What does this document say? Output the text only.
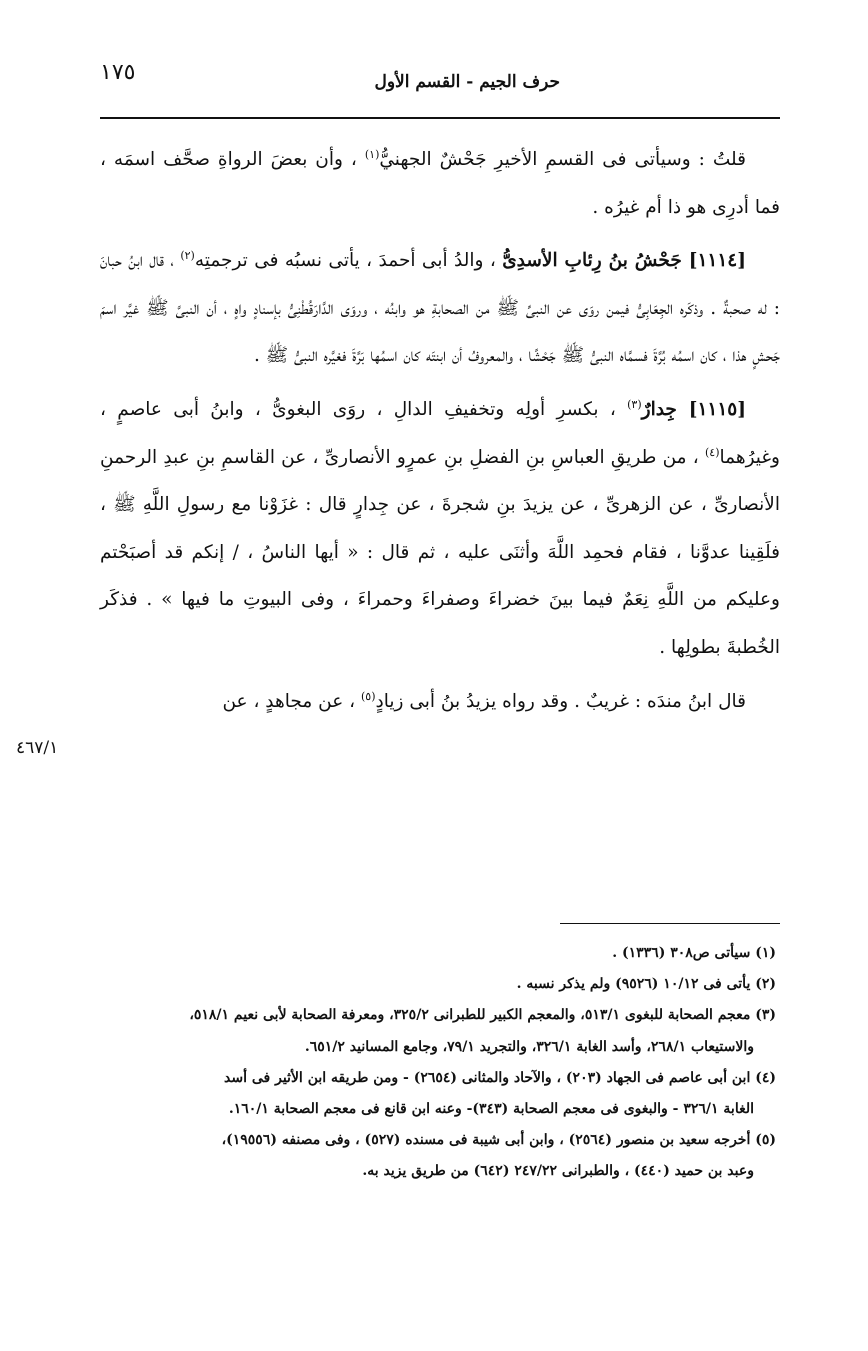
حرف الجيم - القسم الأول
١٧٥
٤٦٧/١

قلتُ : وسيأتى فى القسمِ الأخيرِ جَحْشٌ الجهنيُّ$^{(١)}$ ، وأن بعضَ الرواةِ صحَّف اسمَه ، فما أدرِى هو ذا أم غيرُه .

[١١١٤] جَحْشُ بنُ رِئابِ الأسدِىُّ ، والدُ أبى أحمدَ ، يأتى نسبُه فى ترجمتِه$^{(٢)}$ ، قال ابنُ حبانَ : له صحبةٌ . وذكَره الجِعَابِىُّ فيمن روَى عن النبىِّ ﷺ من الصحابةِ هو وابنُه ، وروَى الدَّارَقُطْنِىُّ بإسنادٍ واهٍ ، أن النبىَّ ﷺ غيَّر اسمَ جَحشٍ هذا ، كان اسمُه بُرَّةَ فسمَّاه النبىُّ ﷺ جَحْشًا ، والمعروفُ أن ابنتَه كان اسمُها بَرَّةَ فغيَّره النبىُّ ﷺ .

[١١١٥] جِدارٌ$^{(٣)}$ ، بكسرِ أولِه وتخفيفِ الدالِ ، روَى البغوىُّ ، وابنُ أبى عاصمٍ ، وغيرُهما$^{(٤)}$ ، من طريقِ العباسِ بنِ الفضلِ بنِ عمرٍو الأنصارىِّ ، عن القاسمِ بنِ عبدِ الرحمنِ الأنصارىِّ ، عن الزهرىِّ ، عن يزيدَ بنِ شجرةَ ، عن جِدارٍ قال : غزَوْنا مع رسولِ اللَّهِ ﷺ ، فلَقِينا عدوَّنا ، فقام فحمِد اللَّهَ وأثنَى عليه ، ثم قال : « أيها الناسُ ، / إنكم قد أصبَحْتم وعليكم من اللَّهِ نِعَمٌ فيما بينَ خضراءَ وصفراءَ وحمراءَ ، وفى البيوتِ ما فيها » . فذكَر الخُطبةَ بطولِها .

قال ابنُ مندَه : غريبٌ . وقد رواه يزيدُ بنُ أبى زيادٍ$^{(٥)}$ ، عن مجاهدٍ ، عن

(١) سيأتى ص٣٠٨ (١٣٣٦) .

(٢) يأتى فى ١٠/١٢ (٩٥٢٦) ولم يذكر نسبه .

(٣) معجم الصحابة للبغوى ٥١٣/١، والمعجم الكبير للطبرانى ٣٢٥/٢، ومعرفة الصحابة لأبى نعيم ٥١٨/١،

والاستيعاب ٢٦٨/١، وأسد الغابة ٣٢٦/١، والتجريد ٧٩/١، وجامع المسانيد ٦٥١/٢.

(٤) ابن أبى عاصم فى الجهاد (٢٠٣) ، والآحاد والمثانى (٢٦٥٤) - ومن طريقه ابن الأثير فى أسد

الغابة ٣٢٦/١ - والبغوى فى معجم الصحابة (٣٤٣)- وعنه ابن قانع فى معجم الصحابة ١٦٠/١.

(٥) أخرجه سعيد بن منصور (٢٥٦٤) ، وابن أبى شيبة فى مسنده (٥٢٧) ، وفى مصنفه (١٩٥٥٦)،

وعبد بن حميد (٤٤٠) ، والطبرانى ٢٤٧/٢٢ (٦٤٢) من طريق يزيد به.
